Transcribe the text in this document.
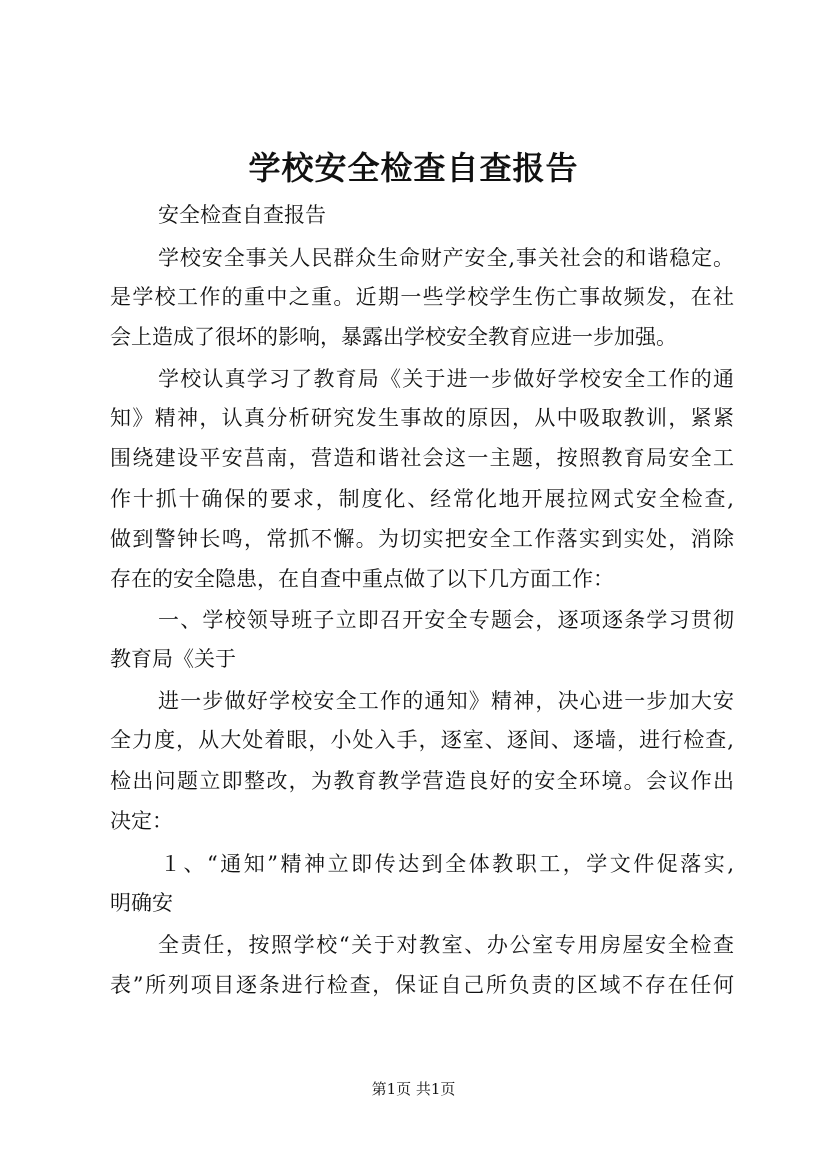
学校安全检查自查报告
安全检查自查报告
学校安全事关人民群众生命财产安全,事关社会的和谐稳定。
是学校工作的重中之重。近期一些学校学生伤亡事故频发，在社
会上造成了很坏的影响，暴露出学校安全教育应进一步加强。
学校认真学习了教育局《关于进一步做好学校安全工作的通
知》精神，认真分析研究发生事故的原因，从中吸取教训，紧紧
围绕建设平安莒南，营造和谐社会这一主题，按照教育局安全工
作十抓十确保的要求，制度化、经常化地开展拉网式安全检查,
做到警钟长鸣，常抓不懈。为切实把安全工作落实到实处，消除
存在的安全隐患，在自查中重点做了以下几方面工作：
一、学校领导班子立即召开安全专题会，逐项逐条学习贯彻
教育局《关于
进一步做好学校安全工作的通知》精神，决心进一步加大安
全力度，从大处着眼，小处入手，逐室、逐间、逐墙，进行检查,
检出问题立即整改，为教育教学营造良好的安全环境。会议作出
决定：
１、“通知”精神立即传达到全体教职工，学文件促落实,
明确安
全责任，按照学校“关于对教室、办公室专用房屋安全检查
表”所列项目逐条进行检查，保证自己所负责的区域不存在任何
第1页 共1页
